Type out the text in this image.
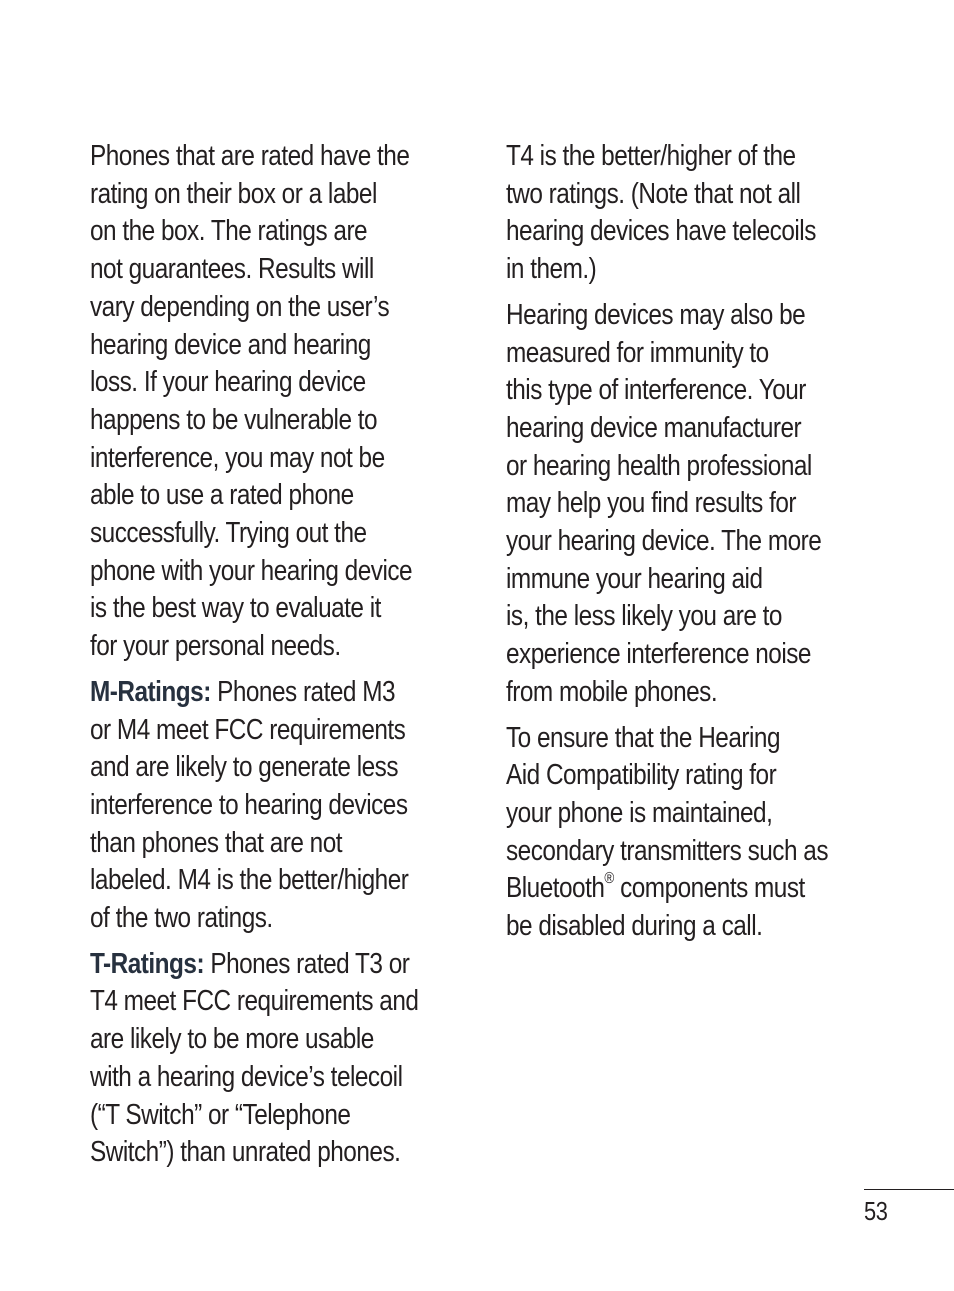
Phones that are rated have the
rating on their box or a label
on the box. The ratings are
not guarantees. Results will
vary depending on the user’s
hearing device and hearing
loss. If your hearing device
happens to be vulnerable to
interference, you may not be
able to use a rated phone
successfully. Trying out the
phone with your hearing device
is the best way to evaluate it
for your personal needs.

M-Ratings: Phones rated M3
or M4 meet FCC requirements
and are likely to generate less
interference to hearing devices
than phones that are not
labeled. M4 is the better/higher
of the two ratings.

T-Ratings: Phones rated T3 or
T4 meet FCC requirements and
are likely to be more usable
with a hearing device’s telecoil
(“T Switch” or “Telephone
Switch”) than unrated phones.

T4 is the better/higher of the
two ratings. (Note that not all
hearing devices have telecoils
in them.)

Hearing devices may also be
measured for immunity to
this type of interference. Your
hearing device manufacturer
or hearing health professional
may help you find results for
your hearing device. The more
immune your hearing aid
is, the less likely you are to
experience interference noise
from mobile phones.

To ensure that the Hearing
Aid Compatibility rating for
your phone is maintained,
secondary transmitters such as
Bluetooth® components must
be disabled during a call.

53
